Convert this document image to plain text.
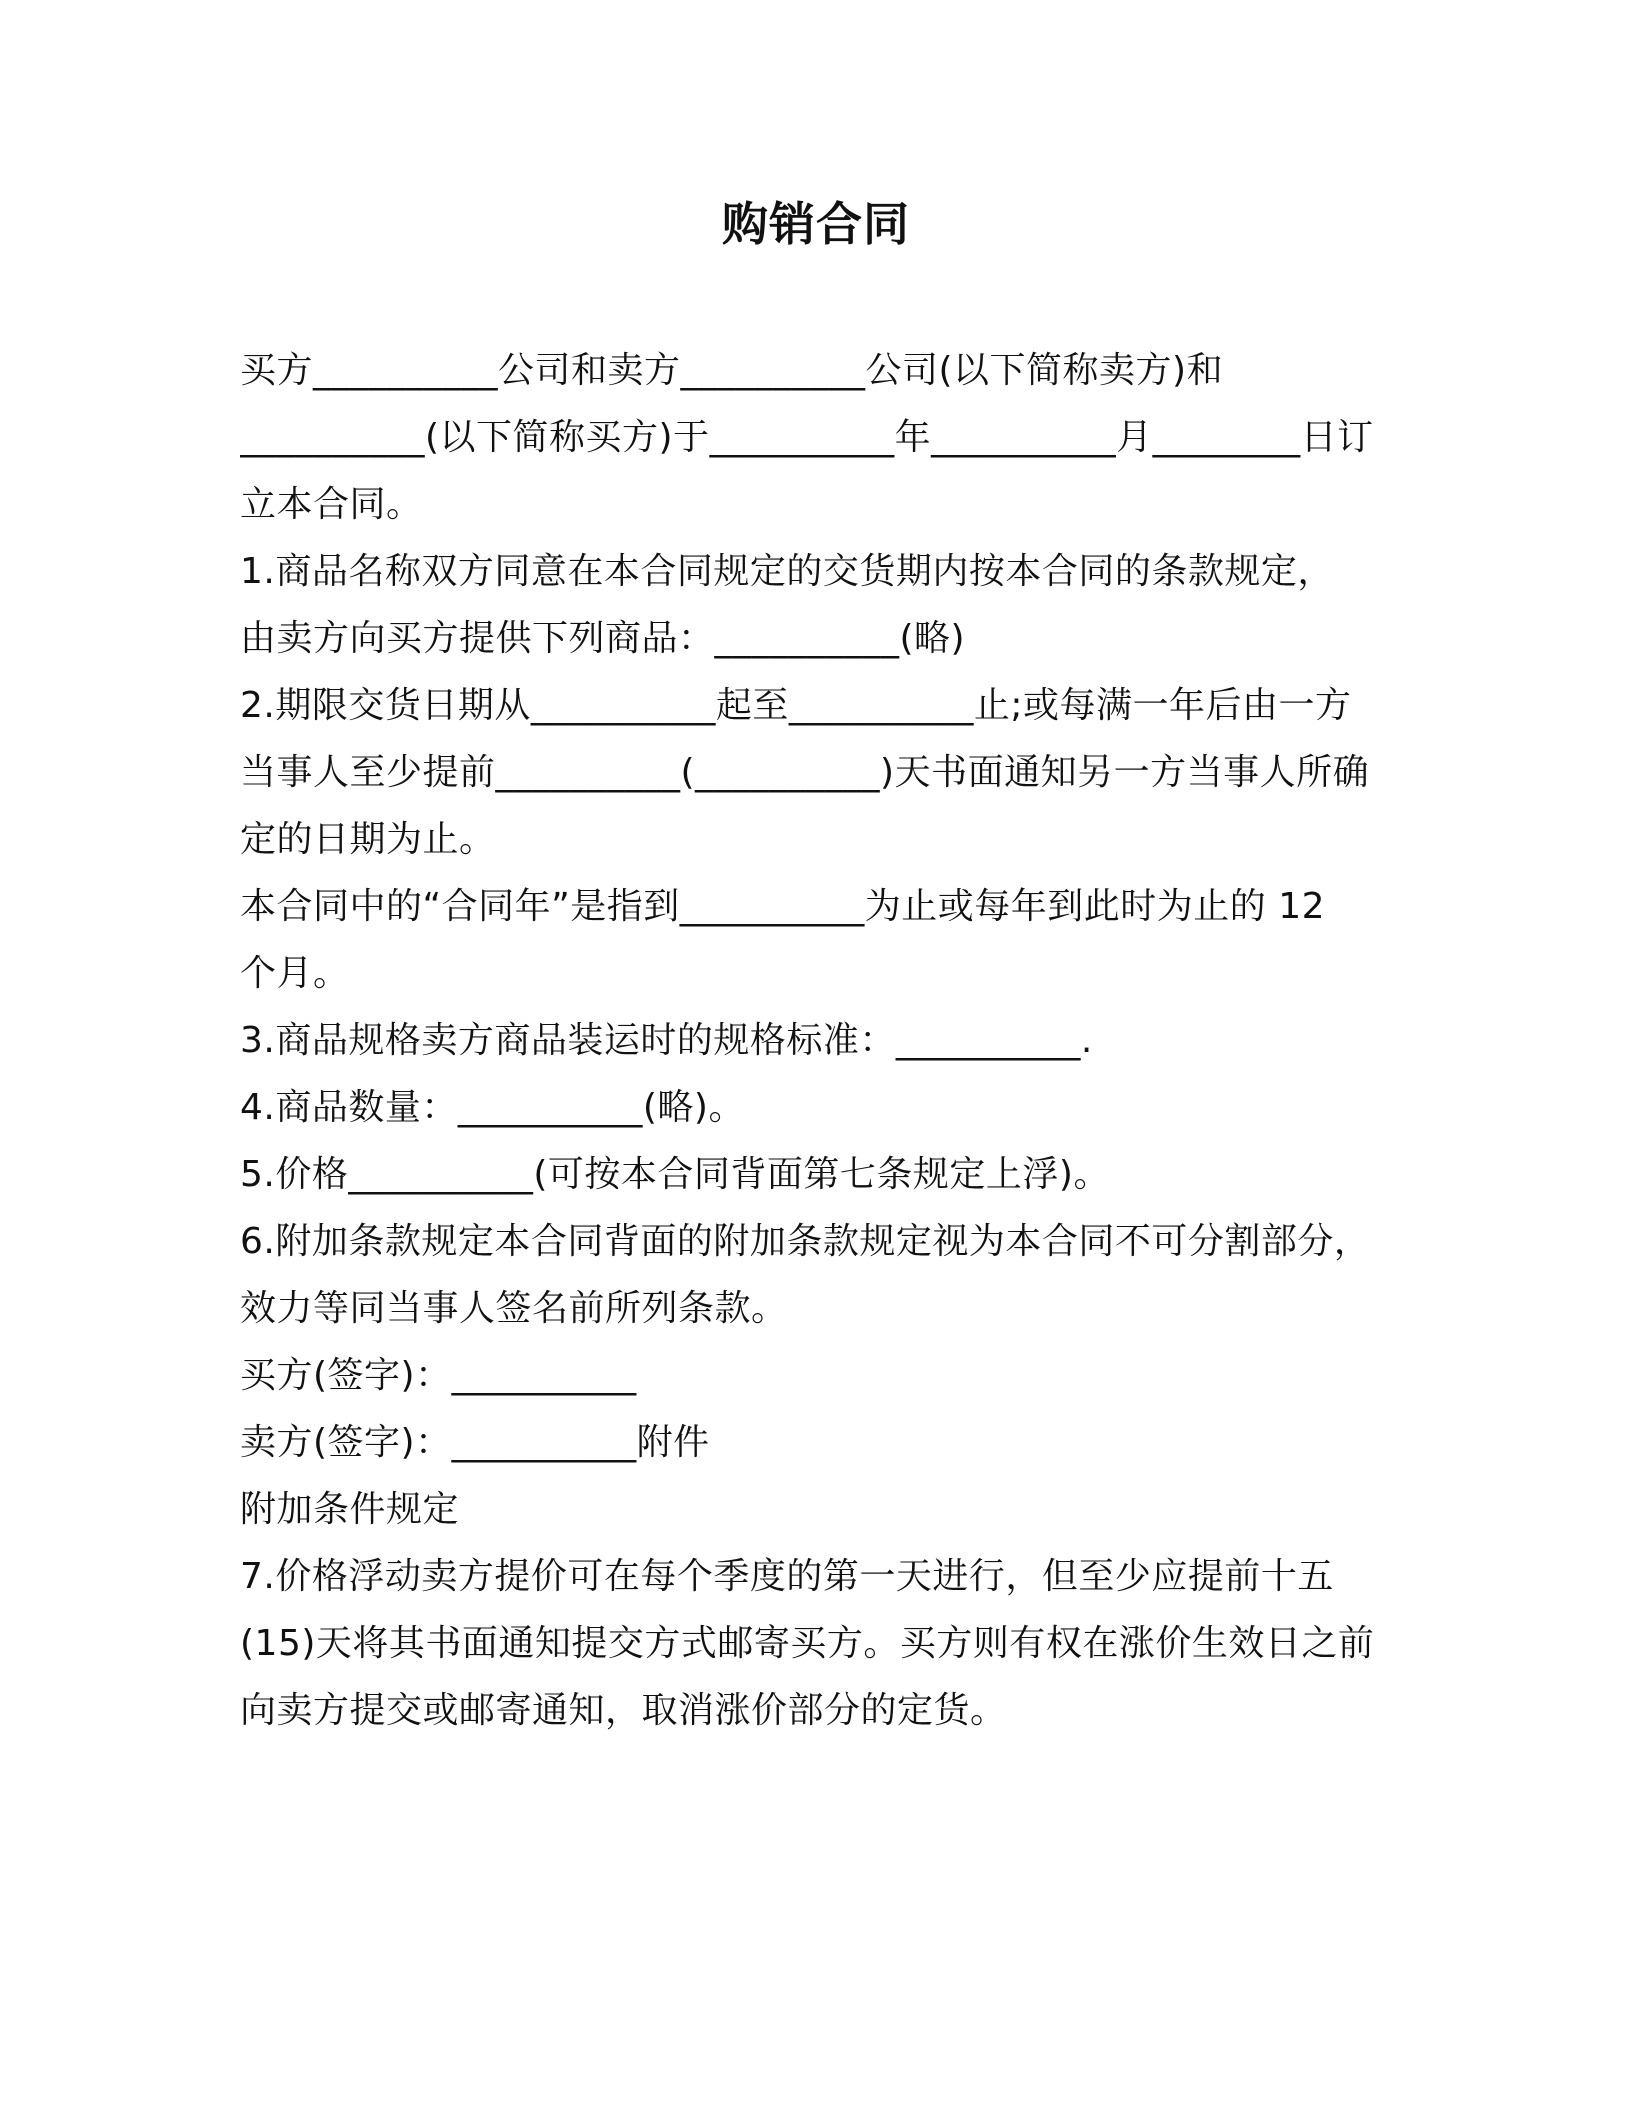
购销合同
买方__________公司和卖方__________公司(以下简称卖方)和
__________(以下简称买方)于__________年__________月________日订
立本合同。
1.商品名称双方同意在本合同规定的交货期内按本合同的条款规定，
由卖方向买方提供下列商品：__________(略)
2.期限交货日期从__________起至__________止;或每满一年后由一方
当事人至少提前__________(__________)天书面通知另一方当事人所确
定的日期为止。
本合同中的“合同年”是指到__________为止或每年到此时为止的 12
个月。
3.商品规格卖方商品装运时的规格标准：__________.
4.商品数量：__________(略)。
5.价格__________(可按本合同背面第七条规定上浮)。
6.附加条款规定本合同背面的附加条款规定视为本合同不可分割部分，
效力等同当事人签名前所列条款。
买方(签字)：__________
卖方(签字)：__________附件
附加条件规定
7.价格浮动卖方提价可在每个季度的第一天进行，但至少应提前十五
(15)天将其书面通知提交方式邮寄买方。买方则有权在涨价生效日之前
向卖方提交或邮寄通知，取消涨价部分的定货。
